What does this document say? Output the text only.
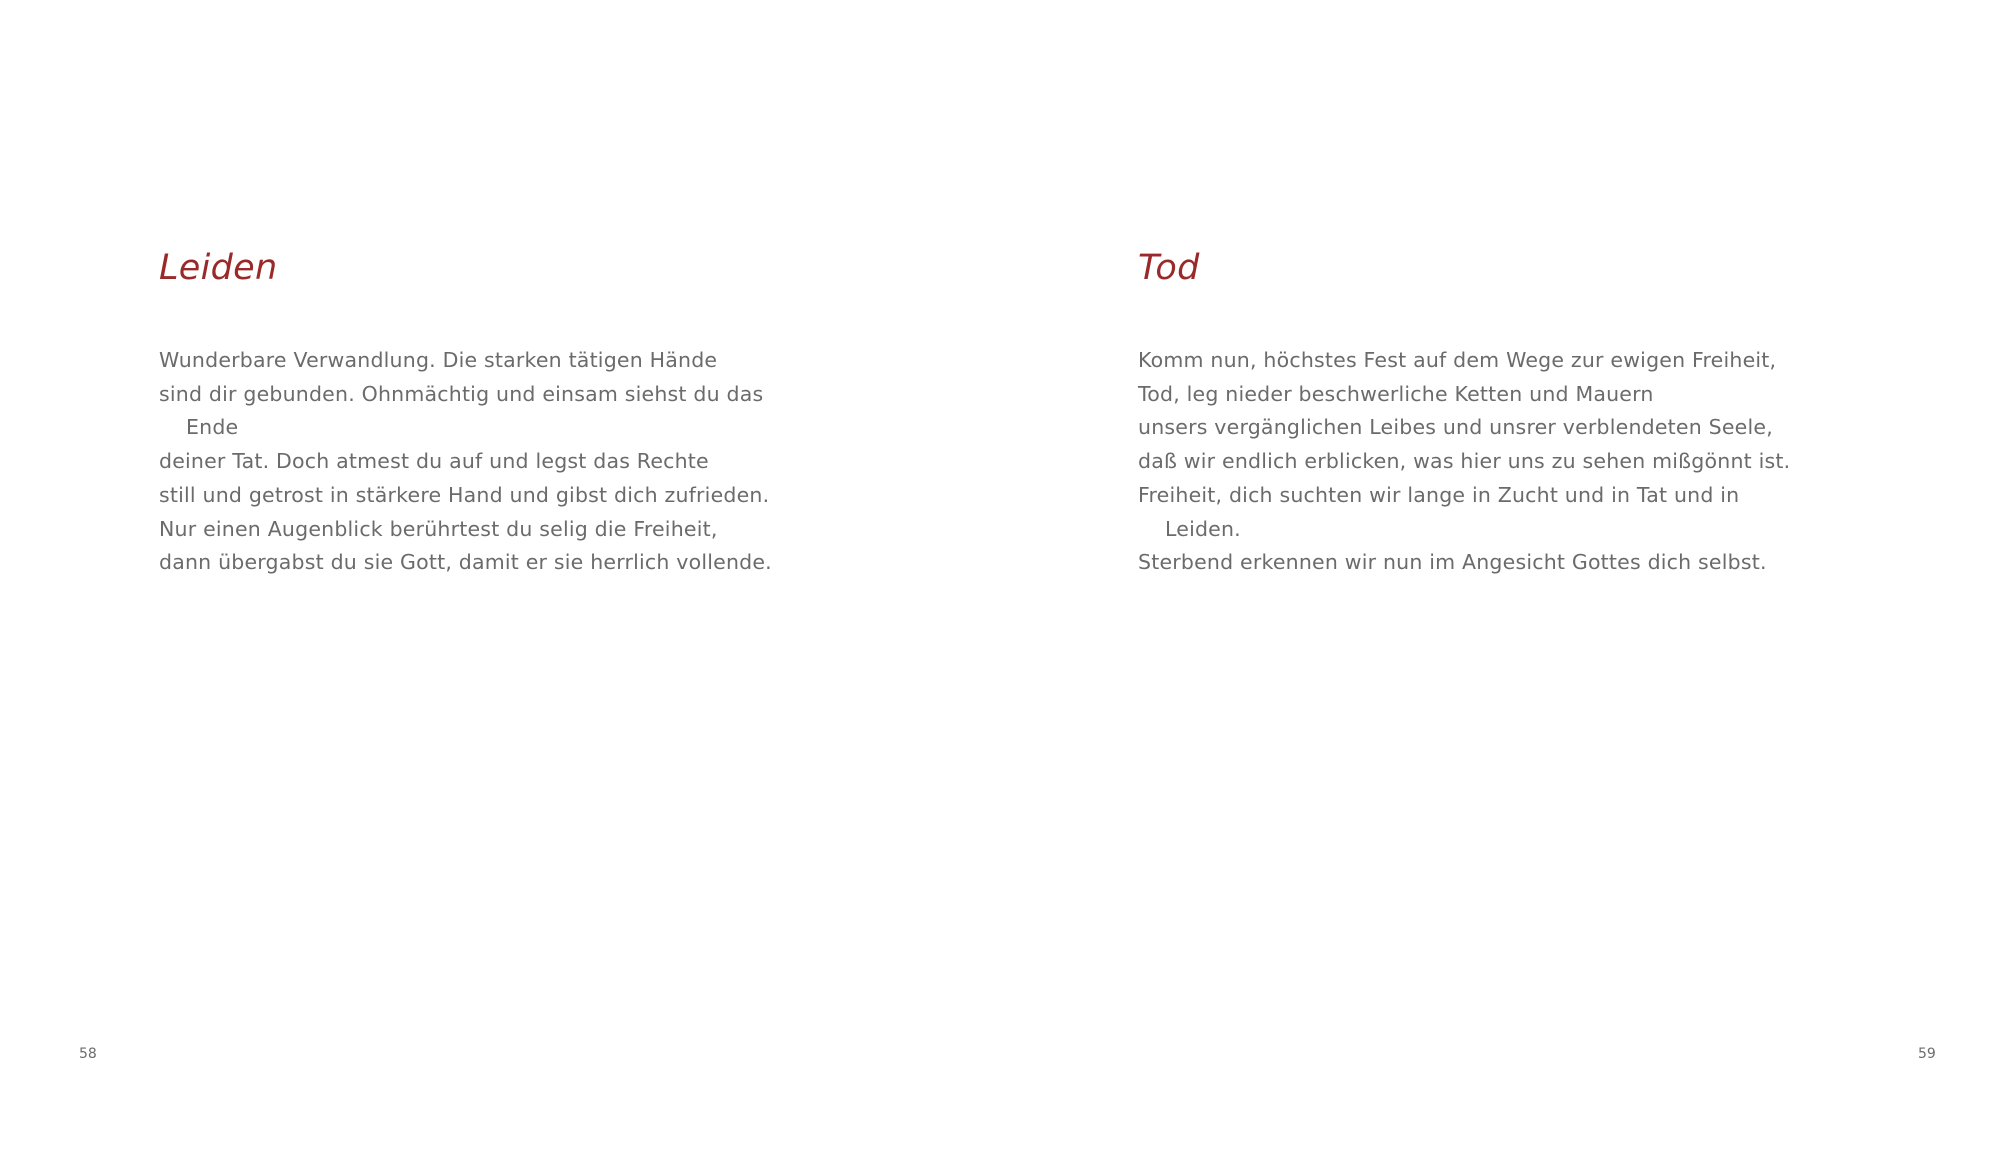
Leiden
Wunderbare Verwandlung. Die starken tätigen Hände
sind dir gebunden. Ohnmächtig und einsam siehst du das
Ende
deiner Tat. Doch atmest du auf und legst das Rechte
still und getrost in stärkere Hand und gibst dich zufrieden.
Nur einen Augenblick berührtest du selig die Freiheit,
dann übergabst du sie Gott, damit er sie herrlich vollende.
58
Tod
Komm nun, höchstes Fest auf dem Wege zur ewigen Freiheit,
Tod, leg nieder beschwerliche Ketten und Mauern
unsers vergänglichen Leibes und unsrer verblendeten Seele,
daß wir endlich erblicken, was hier uns zu sehen mißgönnt ist.
Freiheit, dich suchten wir lange in Zucht und in Tat und in
Leiden.
Sterbend erkennen wir nun im Angesicht Gottes dich selbst.
59
